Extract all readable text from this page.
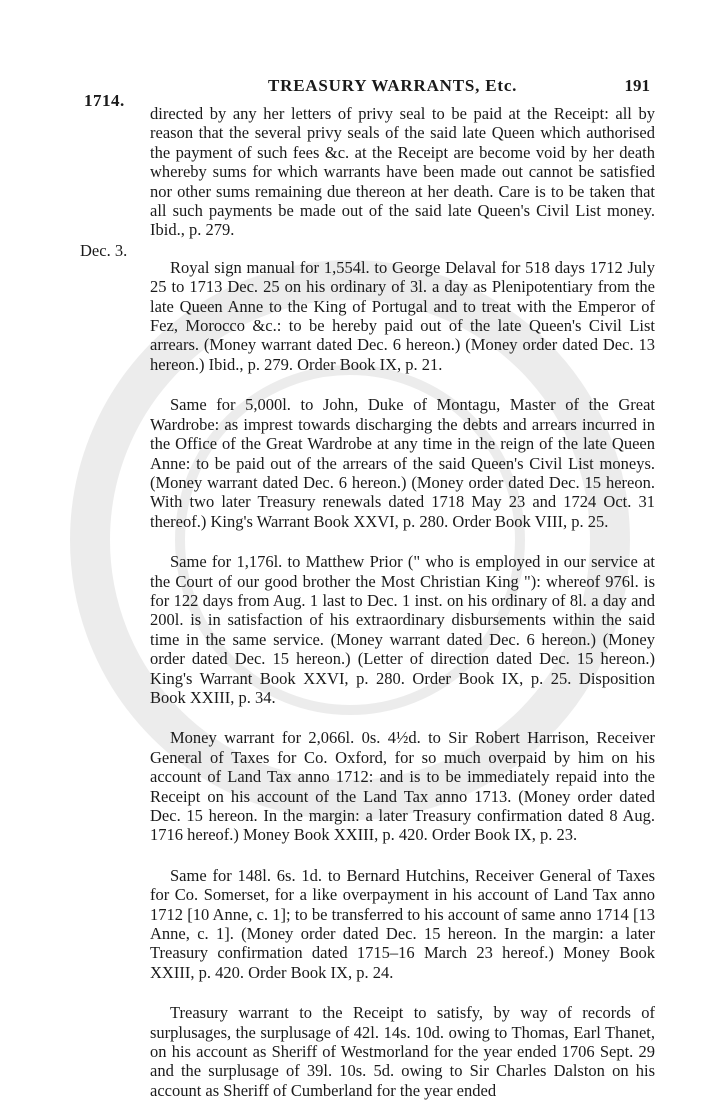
1714.
TREASURY WARRANTS, Etc.	191
Dec. 3.

directed by any her letters of privy seal to be paid at the Receipt: all by reason that the several privy seals of the said late Queen which authorised the payment of such fees &c. at the Receipt are become void by her death whereby sums for which warrants have been made out cannot be satisfied nor other sums remaining due thereon at her death. Care is to be taken that all such payments be made out of the said late Queen's Civil List money. Ibid., p. 279.

Royal sign manual for 1,554l. to George Delaval for 518 days 1712 July 25 to 1713 Dec. 25 on his ordinary of 3l. a day as Plenipotentiary from the late Queen Anne to the King of Portugal and to treat with the Emperor of Fez, Morocco &c.: to be hereby paid out of the late Queen's Civil List arrears. (Money warrant dated Dec. 6 hereon.) (Money order dated Dec. 13 hereon.) Ibid., p. 279. Order Book IX, p. 21.

Same for 5,000l. to John, Duke of Montagu, Master of the Great Wardrobe: as imprest towards discharging the debts and arrears incurred in the Office of the Great Wardrobe at any time in the reign of the late Queen Anne: to be paid out of the arrears of the said Queen's Civil List moneys. (Money warrant dated Dec. 6 hereon.) (Money order dated Dec. 15 hereon. With two later Treasury renewals dated 1718 May 23 and 1724 Oct. 31 thereof.) King's Warrant Book XXVI, p. 280. Order Book VIII, p. 25.

Same for 1,176l. to Matthew Prior (" who is employed in our service at the Court of our good brother the Most Christian King "): whereof 976l. is for 122 days from Aug. 1 last to Dec. 1 inst. on his ordinary of 8l. a day and 200l. is in satisfaction of his extraordinary disbursements within the said time in the same service. (Money warrant dated Dec. 6 hereon.) (Money order dated Dec. 15 hereon.) (Letter of direction dated Dec. 15 hereon.) King's Warrant Book XXVI, p. 280. Order Book IX, p. 25. Disposition Book XXIII, p. 34.

Money warrant for 2,066l. 0s. 4½d. to Sir Robert Harrison, Receiver General of Taxes for Co. Oxford, for so much overpaid by him on his account of Land Tax anno 1712: and is to be immediately repaid into the Receipt on his account of the Land Tax anno 1713. (Money order dated Dec. 15 hereon. In the margin: a later Treasury confirmation dated 8 Aug. 1716 hereof.) Money Book XXIII, p. 420. Order Book IX, p. 23.

Same for 148l. 6s. 1d. to Bernard Hutchins, Receiver General of Taxes for Co. Somerset, for a like overpayment in his account of Land Tax anno 1712 [10 Anne, c. 1]; to be transferred to his account of same anno 1714 [13 Anne, c. 1]. (Money order dated Dec. 15 hereon. In the margin: a later Treasury confirmation dated 1715–16 March 23 hereof.) Money Book XXIII, p. 420. Order Book IX, p. 24.

Treasury warrant to the Receipt to satisfy, by way of records of surplusages, the surplusage of 42l. 14s. 10d. owing to Thomas, Earl Thanet, on his account as Sheriff of Westmorland for the year ended 1706 Sept. 29 and the surplusage of 39l. 10s. 5d. owing to Sir Charles Dalston on his account as Sheriff of Cumberland for the year ended
